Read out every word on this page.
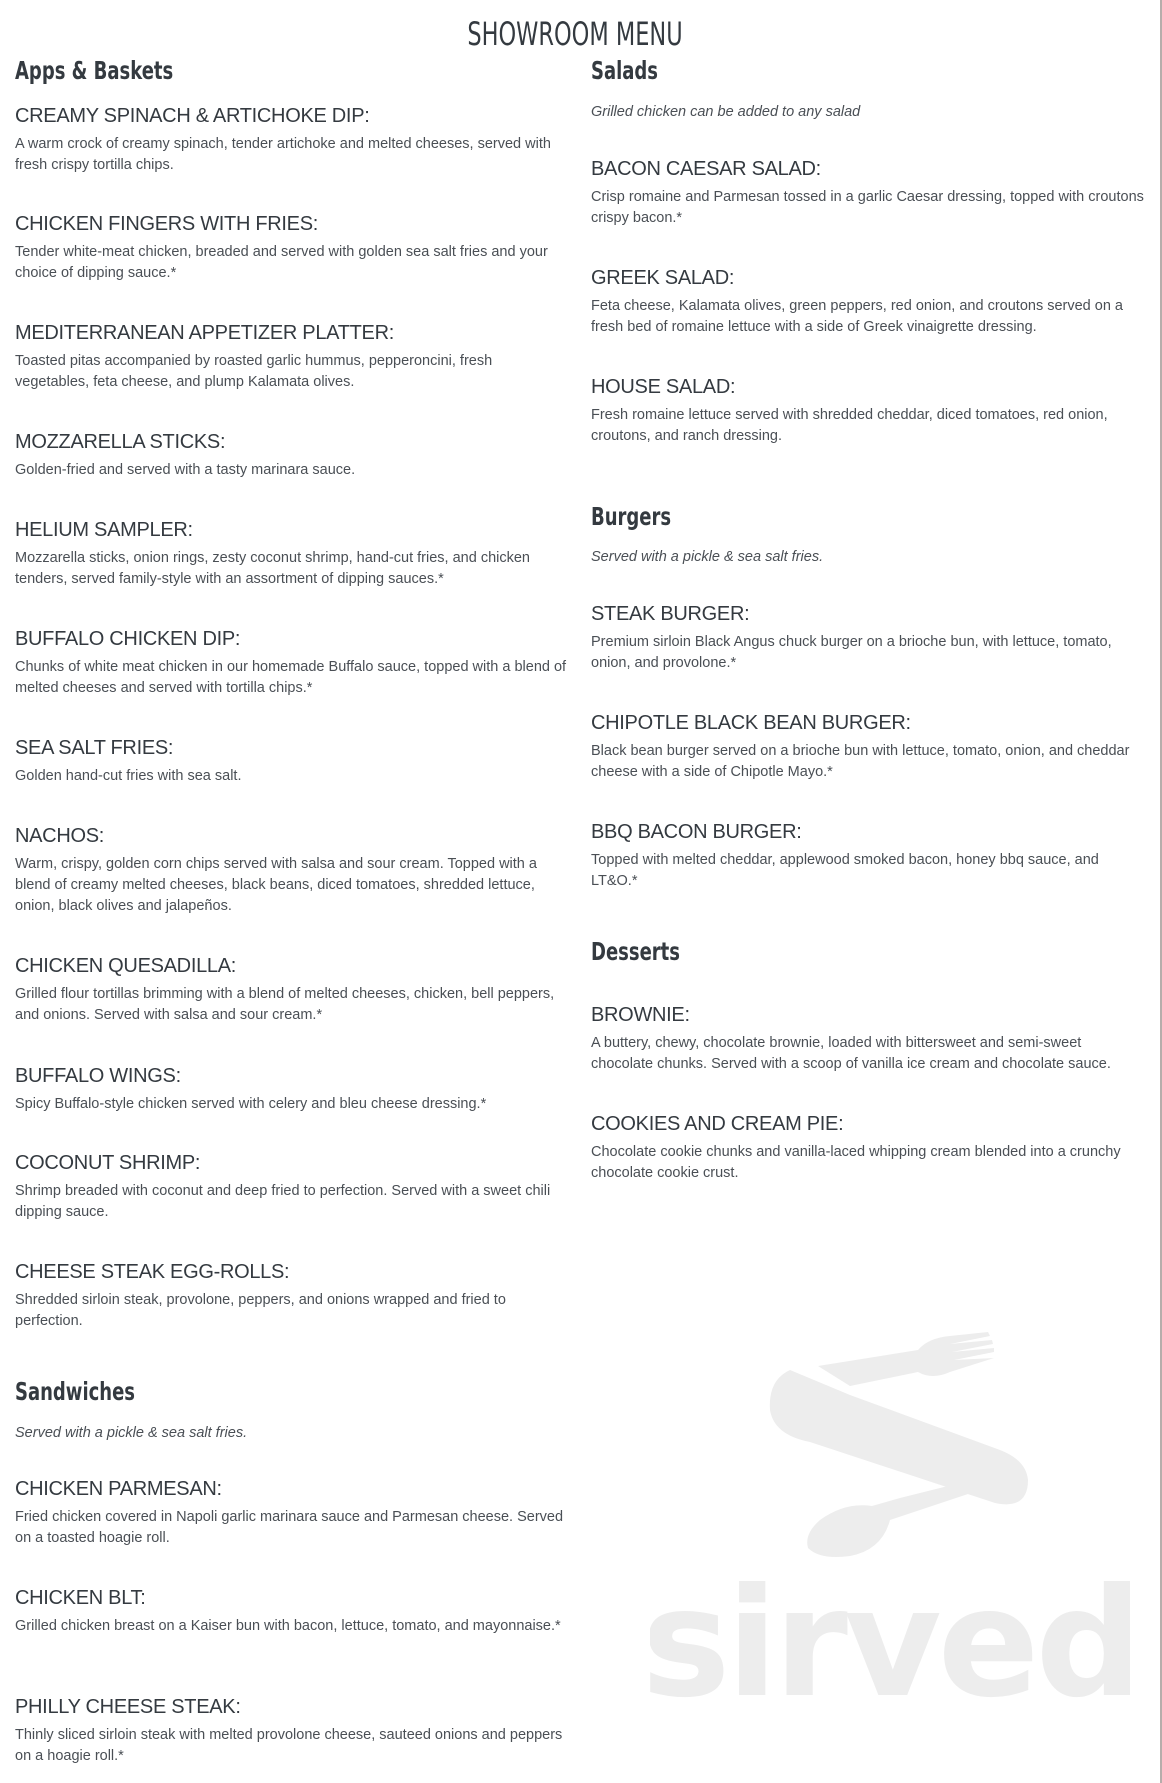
SHOWROOM MENU
Apps & Baskets
CREAMY SPINACH & ARTICHOKE DIP:
A warm crock of creamy spinach, tender artichoke and melted cheeses, served with fresh crispy tortilla chips.
CHICKEN FINGERS WITH FRIES:
Tender white-meat chicken, breaded and served with golden sea salt fries and your choice of dipping sauce.*
MEDITERRANEAN APPETIZER PLATTER:
Toasted pitas accompanied by roasted garlic hummus, pepperoncini, fresh vegetables, feta cheese, and plump Kalamata olives.
MOZZARELLA STICKS:
Golden-fried and served with a tasty marinara sauce.
HELIUM SAMPLER:
Mozzarella sticks, onion rings, zesty coconut shrimp, hand-cut fries, and chicken tenders, served family-style with an assortment of dipping sauces.*
BUFFALO CHICKEN DIP:
Chunks of white meat chicken in our homemade Buffalo sauce, topped with a blend of melted cheeses and served with tortilla chips.*
SEA SALT FRIES:
Golden hand-cut fries with sea salt.
NACHOS:
Warm, crispy, golden corn chips served with salsa and sour cream. Topped with a blend of creamy melted cheeses, black beans, diced tomatoes, shredded lettuce, onion, black olives and jalapeños.
CHICKEN QUESADILLA:
Grilled flour tortillas brimming with a blend of melted cheeses, chicken, bell peppers, and onions. Served with salsa and sour cream.*
BUFFALO WINGS:
Spicy Buffalo-style chicken served with celery and bleu cheese dressing.*
COCONUT SHRIMP:
Shrimp breaded with coconut and deep fried to perfection. Served with a sweet chili dipping sauce.
CHEESE STEAK EGG-ROLLS:
Shredded sirloin steak, provolone, peppers, and onions wrapped and fried to perfection.
Sandwiches
Served with a pickle & sea salt fries.
CHICKEN PARMESAN:
Fried chicken covered in Napoli garlic marinara sauce and Parmesan cheese. Served on a toasted hoagie roll.
CHICKEN BLT:
Grilled chicken breast on a Kaiser bun with bacon, lettuce, tomato, and mayonnaise.*
PHILLY CHEESE STEAK:
Thinly sliced sirloin steak with melted provolone cheese, sauteed onions and peppers on a hoagie roll.*
Salads
Grilled chicken can be added to any salad
BACON CAESAR SALAD:
Crisp romaine and Parmesan tossed in a garlic Caesar dressing, topped with croutons crispy bacon.*
GREEK SALAD:
Feta cheese, Kalamata olives, green peppers, red onion, and croutons served on a fresh bed of romaine lettuce with a side of Greek vinaigrette dressing.
HOUSE SALAD:
Fresh romaine lettuce served with shredded cheddar, diced tomatoes, red onion, croutons, and ranch dressing.
Burgers
Served with a pickle & sea salt fries.
STEAK BURGER:
Premium sirloin Black Angus chuck burger on a brioche bun, with lettuce, tomato, onion, and provolone.*
CHIPOTLE BLACK BEAN BURGER:
Black bean burger served on a brioche bun with lettuce, tomato, onion, and cheddar cheese with a side of Chipotle Mayo.*
BBQ BACON BURGER:
Topped with melted cheddar, applewood smoked bacon, honey bbq sauce, and LT&O.*
Desserts
BROWNIE:
A buttery, chewy, chocolate brownie, loaded with bittersweet and semi-sweet chocolate chunks. Served with a scoop of vanilla ice cream and chocolate sauce.
COOKIES AND CREAM PIE:
Chocolate cookie chunks and vanilla-laced whipping cream blended into a crunchy chocolate cookie crust.
sirved
